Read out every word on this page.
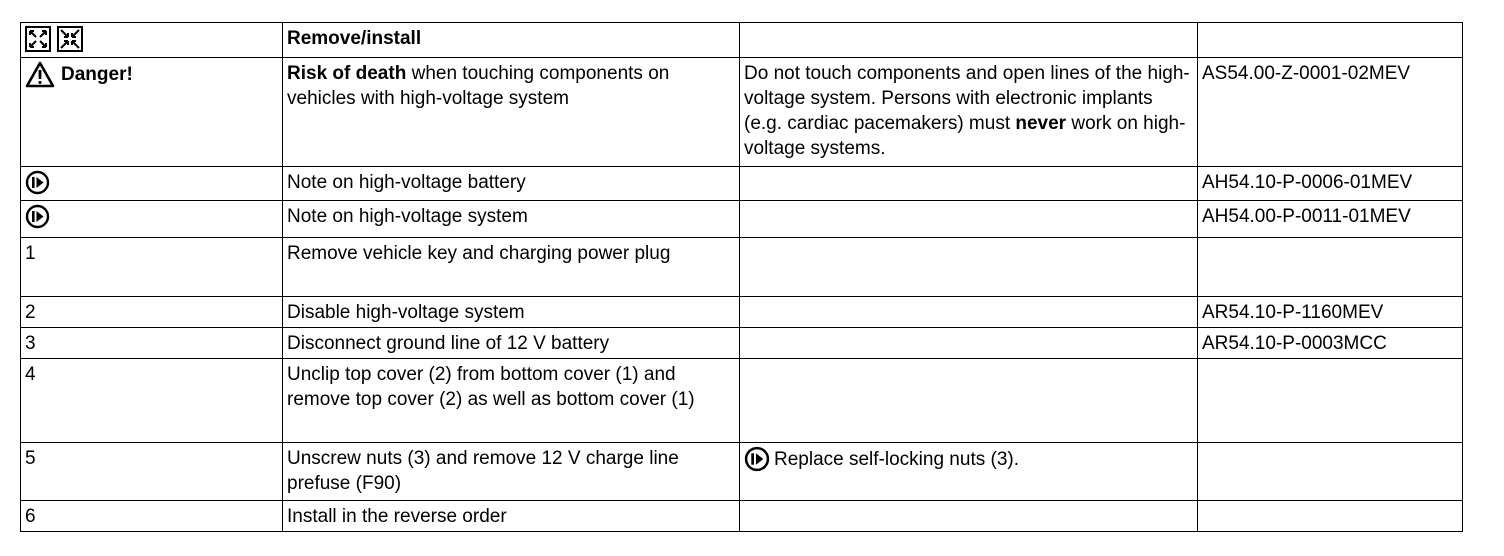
	Remove/install		

Danger!	Risk of death when touching components on vehicles with high-voltage system	Do not touch components and open lines of the high-voltage system. Persons with electronic implants (e.g. cardiac pacemakers) must never work on high-voltage systems.	AS54.00-Z-0001-02MEV
	Note on high-voltage battery		AH54.10-P-0006-01MEV
	Note on high-voltage system		AH54.00-P-0011-01MEV
1	Remove vehicle key and charging power plug		
2	Disable high-voltage system		AR54.10-P-1160MEV
3	Disconnect ground line of 12 V battery		AR54.10-P-0003MCC
4	Unclip top cover (2) from bottom cover (1) and remove top cover (2) as well as bottom cover (1)		
5	Unscrew nuts (3) and remove 12 V charge line prefuse (F90)	Replace self-locking nuts (3).	

6	Install in the reverse order		
